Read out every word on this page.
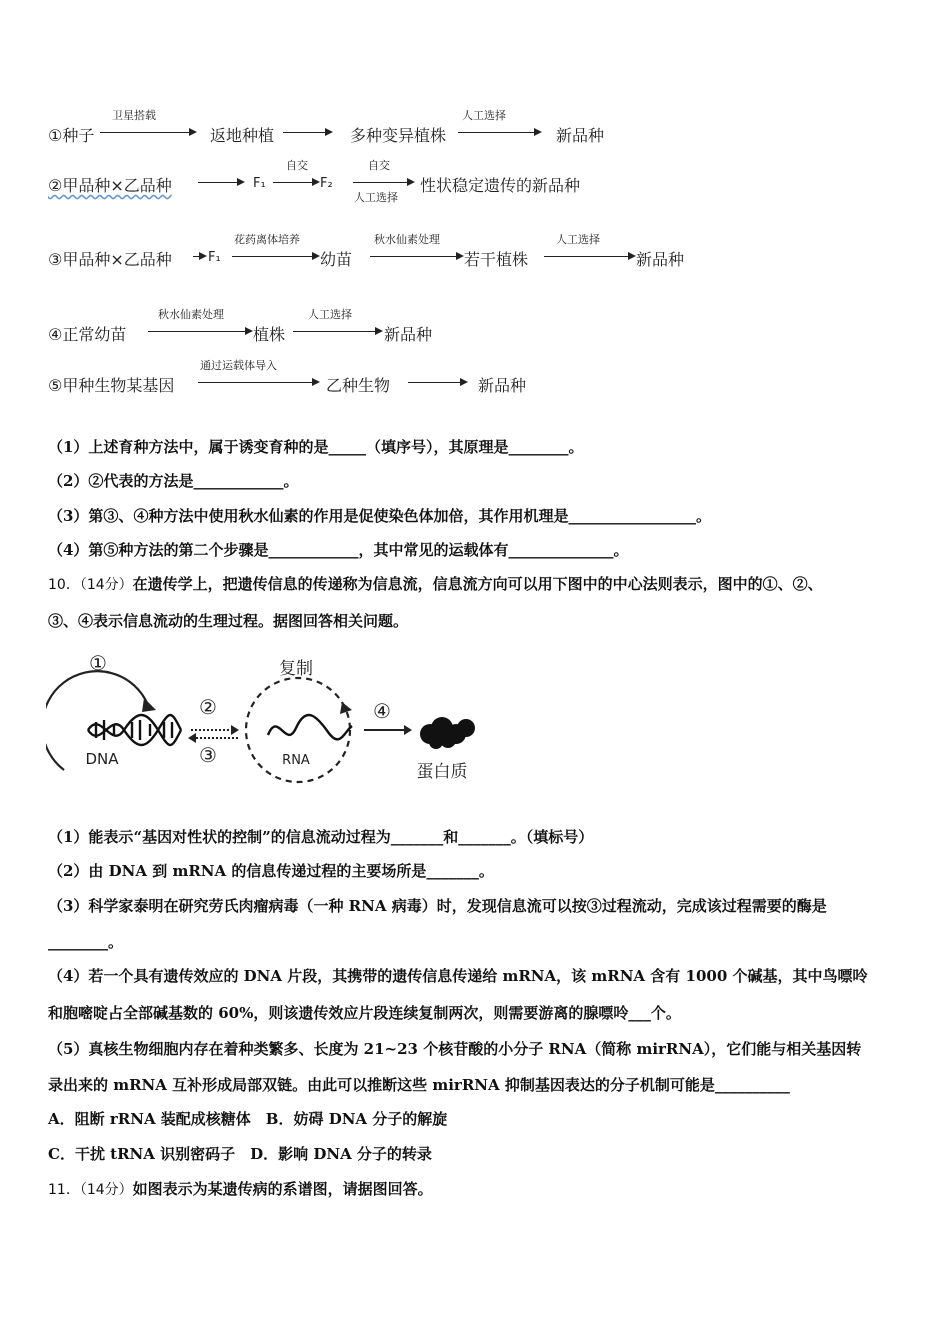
①种子
卫星搭载
返地种植	多种变异植株
人工选择
新品种
②甲品种×乙品种	F₁
自交
F₂
自交
人工选择
性状稳定遗传的新品种
③甲品种×乙品种	F₁
花药离体培养
幼苗
秋水仙素处理
若干植株
人工选择
新品种
④正常幼苗
秋水仙素处理
植株
人工选择
新品种
⑤甲种生物某基因
通过运载体导入
乙种生物	新品种
（1）上述育种方法中，属于诱变育种的是_____（填序号），其原理是________。
（2）②代表的方法是____________。
（3）第③、④种方法中使用秋水仙素的作用是促使染色体加倍，其作用机理是_________________。
（4）第⑤种方法的第二个步骤是____________，其中常见的运载体有______________。
10．（14分）在遗传学上，把遗传信息的传递称为信息流，信息流方向可以用下图中的中心法则表示，图中的①、②、
③、④表示信息流动的生理过程。据图回答相关问题。
①
DNA
②
③
复制
RNA
④
蛋白质
（1）能表示“基因对性状的控制”的信息流动过程为_______和_______。（填标号）
（2）由 DNA 到 mRNA 的信息传递过程的主要场所是_______。
（3）科学家泰明在研究劳氏肉瘤病毒（一种 RNA 病毒）时，发现信息流可以按③过程流动，完成该过程需要的酶是
________。
（4）若一个具有遗传效应的 DNA 片段，其携带的遗传信息传递给 mRNA，该 mRNA 含有 1000 个碱基，其中鸟嘌呤
和胞嘧啶占全部碱基数的 60%，则该遗传效应片段连续复制两次，则需要游离的腺嘌呤___个。
（5）真核生物细胞内存在着种类繁多、长度为 21~23 个核苷酸的小分子 RNA（简称 mirRNA），它们能与相关基因转
录出来的 mRNA 互补形成局部双链。由此可以推断这些 mirRNA 抑制基因表达的分子机制可能是__________
A．阻断 rRNA 装配成核糖体　B．妨碍 DNA 分子的解旋
C．干扰 tRNA 识别密码子　D．影响 DNA 分子的转录
11．（14分）如图表示为某遗传病的系谱图，请据图回答。
